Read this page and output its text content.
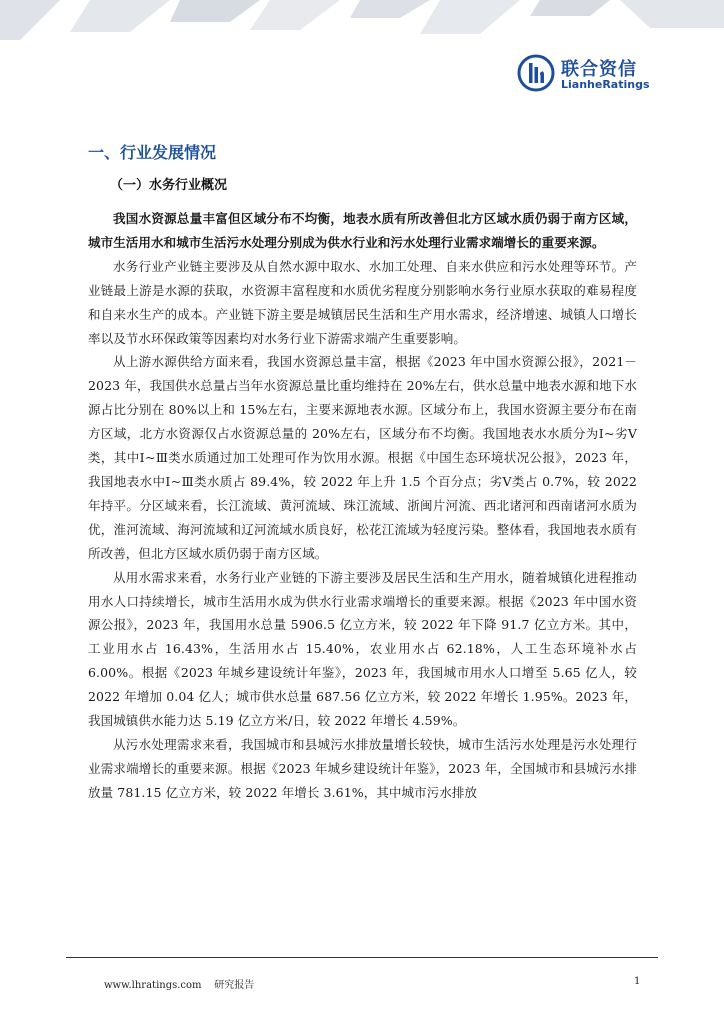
联合资信
LianheRatings
一、行业发展情况
（一）水务行业概况

我国水资源总量丰富但区域分布不均衡，地表水质有所改善但北方区域水质仍弱于南方区域，城市生活用水和城市生活污水处理分别成为供水行业和污水处理行业需求端增长的重要来源。

水务行业产业链主要涉及从自然水源中取水、水加工处理、自来水供应和污水处理等环节。产业链最上游是水源的获取，水资源丰富程度和水质优劣程度分别影响水务行业原水获取的难易程度和自来水生产的成本。产业链下游主要是城镇居民生活和生产用水需求，经济增速、城镇人口增长率以及节水环保政策等因素均对水务行业下游需求端产生重要影响。

从上游水源供给方面来看，我国水资源总量丰富，根据《2023 年中国水资源公报》，2021－2023 年，我国供水总量占当年水资源总量比重均维持在 20%左右，供水总量中地表水源和地下水源占比分别在 80%以上和 15%左右，主要来源地表水源。区域分布上，我国水资源主要分布在南方区域，北方水资源仅占水资源总量的 20%左右，区域分布不均衡。我国地表水水质分为Ⅰ~劣Ⅴ类，其中Ⅰ~Ⅲ类水质通过加工处理可作为饮用水源。根据《中国生态环境状况公报》，2023 年，我国地表水中Ⅰ~Ⅲ类水质占 89.4%，较 2022 年上升 1.5 个百分点；劣Ⅴ类占 0.7%，较 2022 年持平。分区域来看，长江流域、黄河流域、珠江流域、浙闽片河流、西北诸河和西南诸河水质为优，淮河流域、海河流域和辽河流域水质良好，松花江流域为轻度污染。整体看，我国地表水质有所改善，但北方区域水质仍弱于南方区域。

从用水需求来看，水务行业产业链的下游主要涉及居民生活和生产用水，随着城镇化进程推动用水人口持续增长，城市生活用水成为供水行业需求端增长的重要来源。根据《2023 年中国水资源公报》，2023 年，我国用水总量 5906.5 亿立方米，较 2022 年下降 91.7 亿立方米。其中，工业用水占 16.43%，生活用水占 15.40%，农业用水占 62.18%，人工生态环境补水占 6.00%。根据《2023 年城乡建设统计年鉴》，2023 年，我国城市用水人口增至 5.65 亿人，较 2022 年增加 0.04 亿人；城市供水总量 687.56 亿立方米，较 2022 年增长 1.95%。2023 年，我国城镇供水能力达 5.19 亿立方米/日，较 2022 年增长 4.59%。

从污水处理需求来看，我国城市和县城污水排放量增长较快，城市生活污水处理是污水处理行业需求端增长的重要来源。根据《2023 年城乡建设统计年鉴》，2023 年，全国城市和县城污水排放量 781.15 亿立方米，较 2022 年增长 3.61%，其中城市污水排放

www.lhratings.com 研究报告	1
